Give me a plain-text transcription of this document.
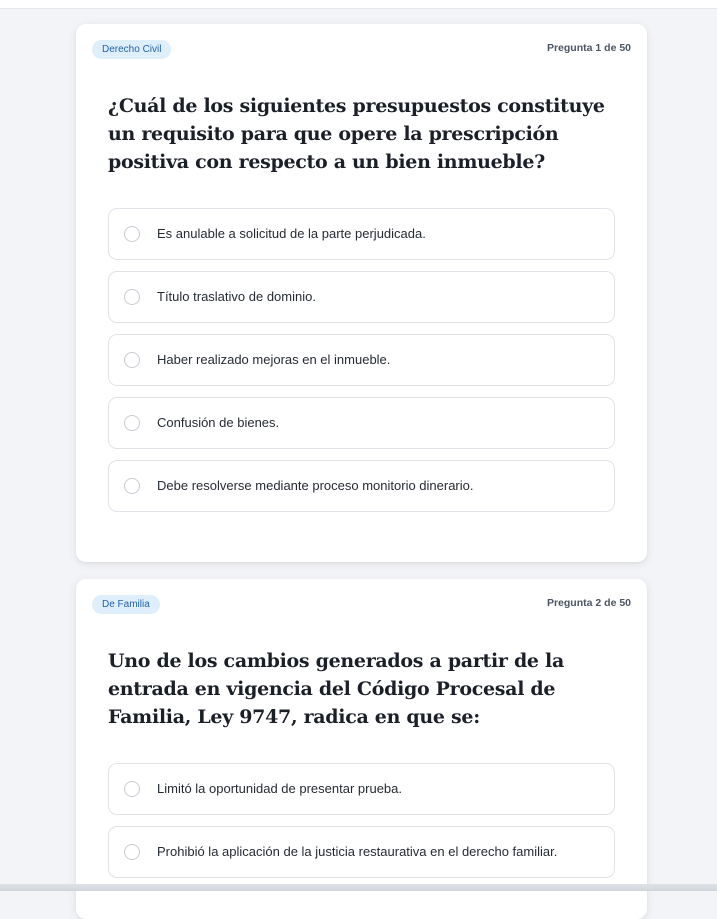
Derecho Civil	Pregunta 1 de 50
¿Cuál de los siguientes presupuestos constituye un requisito para que opere la prescripción positiva con respecto a un bien inmueble?
Es anulable a solicitud de la parte perjudicada.
Título traslativo de dominio.
Haber realizado mejoras en el inmueble.
Confusión de bienes.
Debe resolverse mediante proceso monitorio dinerario.
De Familia	Pregunta 2 de 50
Uno de los cambios generados a partir de la entrada en vigencia del Código Procesal de Familia, Ley 9747, radica en que se:
Limitó la oportunidad de presentar prueba.
Prohibió la aplicación de la justicia restaurativa en el derecho familiar.
